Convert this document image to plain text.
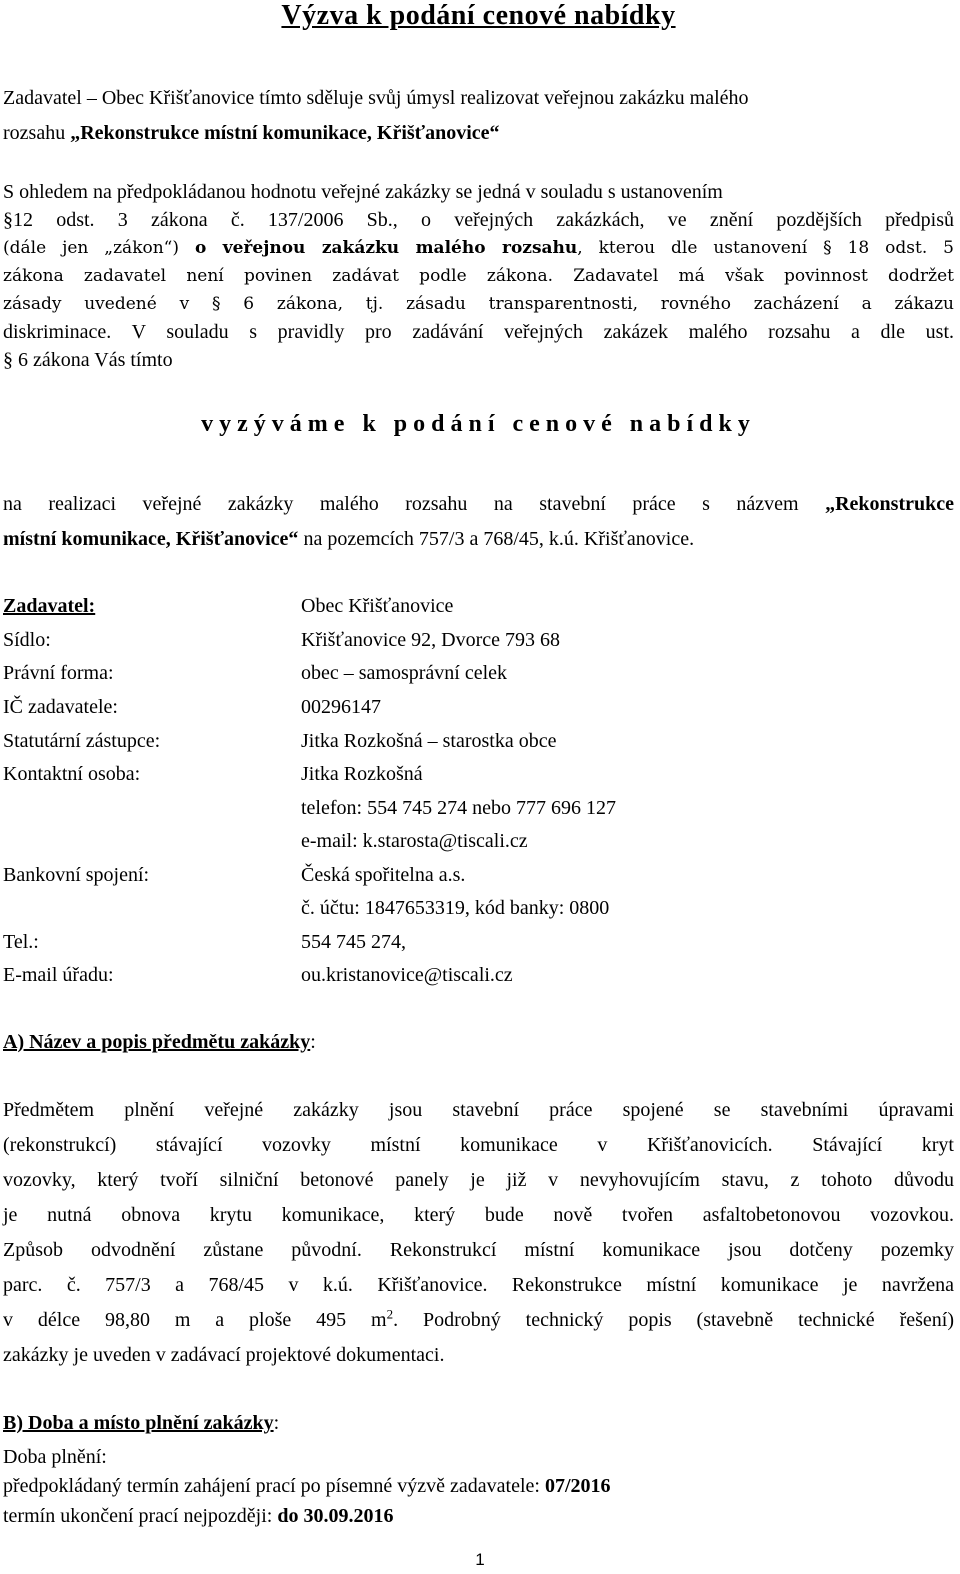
Výzva k podání cenové nabídky
Zadavatel – Obec Křišťanovice tímto sděluje svůj úmysl realizovat veřejnou zakázku malého
rozsahu „Rekonstrukce místní komunikace, Křišťanovice“
S ohledem na předpokládanou hodnotu veřejné zakázky se jedná v souladu s ustanovením
§12 odst. 3 zákona č. 137/2006 Sb., o veřejných zakázkách, ve znění pozdějších předpisů
(dále jen „zákon“) o veřejnou zakázku malého rozsahu, kterou dle ustanovení § 18 odst. 5
zákona zadavatel není povinen zadávat podle zákona. Zadavatel má však povinnost dodržet
zásady uvedené v § 6 zákona, tj. zásadu transparentnosti, rovného zacházení a zákazu
diskriminace. V souladu s pravidly pro zadávání veřejných zakázek malého rozsahu a dle ust.
§ 6 zákona Vás tímto
vyzýváme k podání cenové nabídky
na realizaci veřejné zakázky malého rozsahu na stavební práce s názvem „Rekonstrukce
místní komunikace, Křišťanovice“ na pozemcích 757/3 a 768/45, k.ú. Křišťanovice.
Zadavatel:	Obec Křišťanovice
Sídlo:	Křišťanovice 92, Dvorce 793 68
Právní forma:	obec – samosprávní celek
IČ zadavatele:	00296147
Statutární zástupce:	Jitka Rozkošná – starostka obce
Kontaktní osoba:	Jitka Rozkošná
telefon: 554 745 274 nebo 777 696 127
e-mail: k.starosta@tiscali.cz
Bankovní spojení:	Česká spořitelna a.s.
č. účtu: 1847653319, kód banky: 0800
Tel.:	554 745 274,
E-mail úřadu:	ou.kristanovice@tiscali.cz
A) Název a popis předmětu zakázky:
Předmětem plnění veřejné zakázky jsou stavební práce spojené se stavebními úpravami
(rekonstrukcí) stávající vozovky místní komunikace v Křišťanovicích. Stávající kryt
vozovky, který tvoří silniční betonové panely je již v nevyhovujícím stavu, z tohoto důvodu
je nutná obnova krytu komunikace, který bude nově tvořen asfaltobetonovou vozovkou.
Způsob odvodnění zůstane původní. Rekonstrukcí místní komunikace jsou dotčeny pozemky
parc. č. 757/3 a 768/45 v k.ú. Křišťanovice. Rekonstrukce místní komunikace je navržena
v délce 98,80 m a ploše 495 $m^2$. Podrobný technický popis (stavebně technické řešení)
zakázky je uveden v zadávací projektové dokumentaci.
B) Doba a místo plnění zakázky:
Doba plnění:
předpokládaný termín zahájení prací po písemné výzvě zadavatele: 07/2016
termín ukončení prací nejpozději: do 30.09.2016
1
